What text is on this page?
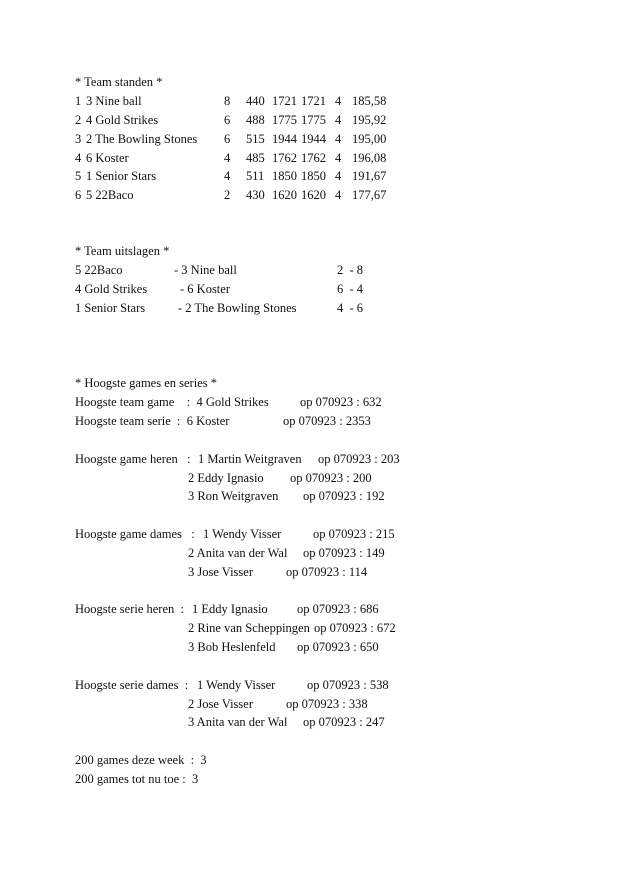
* Team standen *
1 3 Nine ball	8 440 1721 1721 4 185,58
2 4 Gold Strikes	6 488 1775 1775 4 195,92
3 2 The Bowling Stones 6 515 1944 1944 4 195,00
4 6 Koster	4 485 1762 1762 4 196,08
5 1 Senior Stars	4 511 1850 1850 4 191,67
6 5 22Baco	2 430 1620 1620 4 177,67
* Team uitslagen *
5 22Baco	- 3 Nine ball	2  - 8
4 Gold Strikes	- 6 Koster	6  - 4
1 Senior Stars	- 2 The Bowling Stones	4  - 6
* Hoogste games en series *
Hoogste team game    :  4 Gold Strikes	op 070923 : 632
Hoogste team serie  :  6 Koster	op 070923 : 2353
Hoogste game heren   : 1 Martin Weitgraven op 070923 : 203
2 Eddy Ignasio op 070923 : 200
3 Ron Weitgraven op 070923 : 192
Hoogste game dames   : 1 Wendy Visser	op 070923 : 215
2 Anita van der Wal op 070923 : 149
3 Jose Visser	op 070923 : 114
Hoogste serie heren  : 1 Eddy Ignasio op 070923 : 686
2 Rine van Scheppingen op 070923 : 672
3 Bob Heslenfeld op 070923 : 650
Hoogste serie dames  : 1 Wendy Visser	op 070923 : 538
2 Jose Visser	op 070923 : 338
3 Anita van der Wal op 070923 : 247
200 games deze week  :  3
200 games tot nu toe :  3
